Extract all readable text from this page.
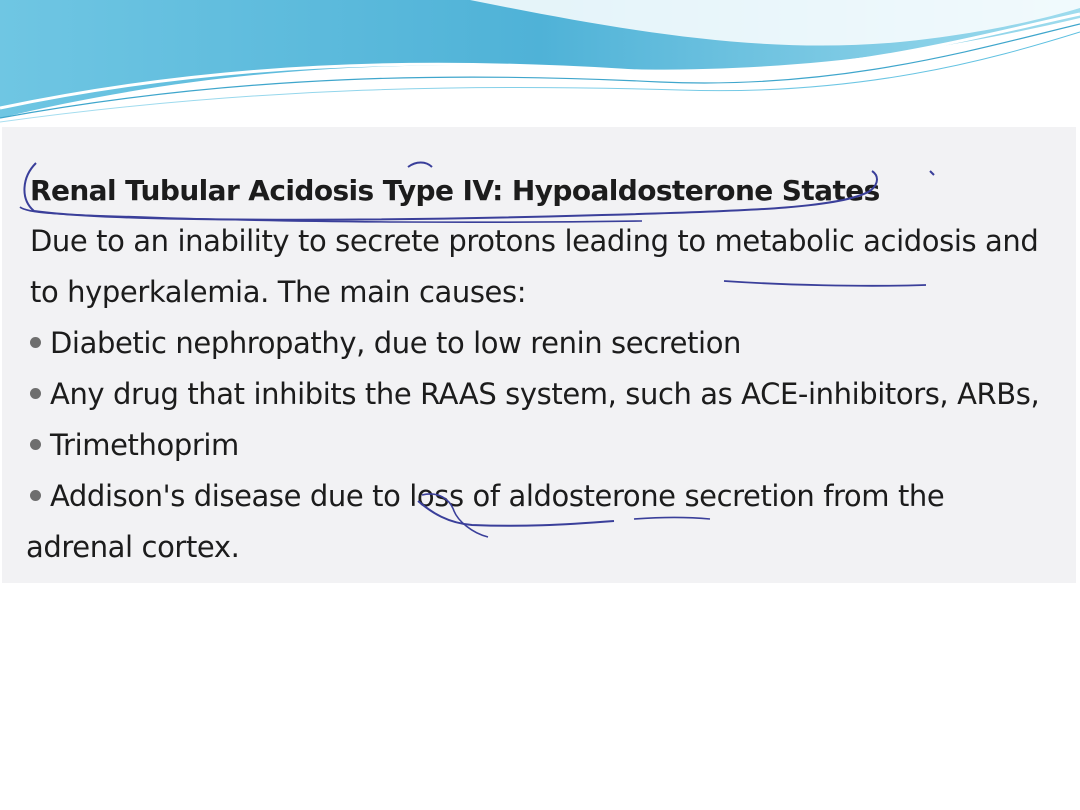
Renal Tubular Acidosis Type IV: Hypoaldosterone States
Due to an inability to secrete protons leading to metabolic acidosis and
to hyperkalemia. The main causes:
Diabetic nephropathy, due to low renin secretion
Any drug that inhibits the RAAS system, such as ACE-inhibitors, ARBs,
Trimethoprim
Addison's disease due to loss of aldosterone secretion from the
adrenal cortex.
